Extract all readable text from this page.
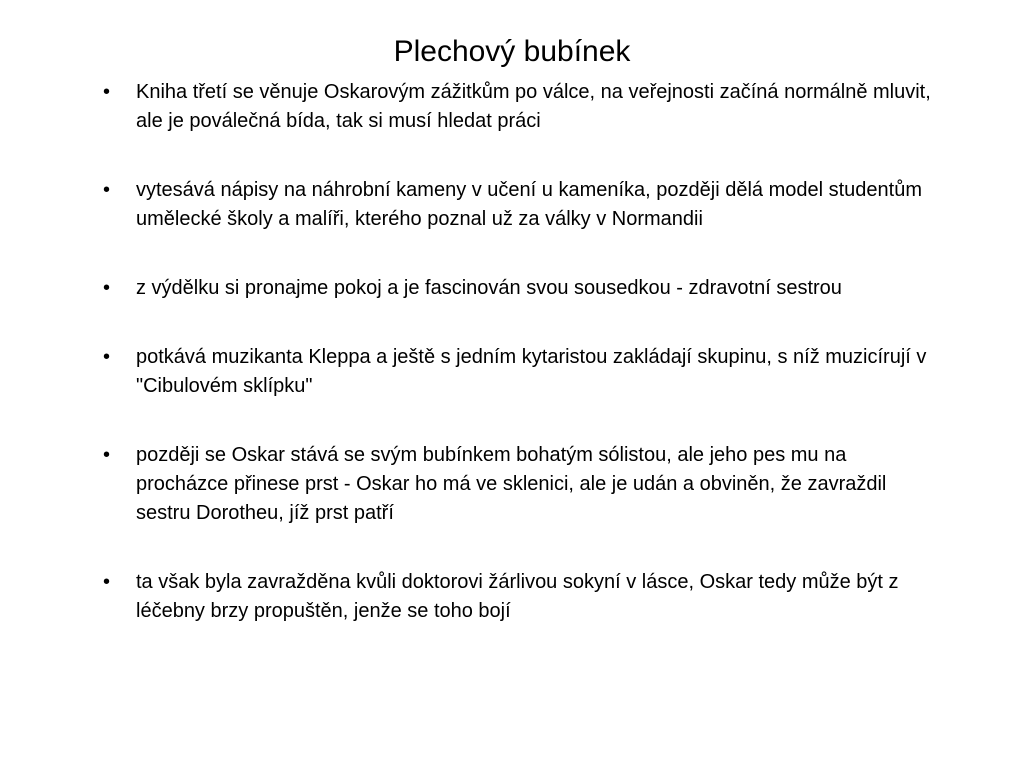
Plechový bubínek
•	Kniha třetí se věnuje Oskarovým zážitkům po válce, na veřejnosti začíná normálně mluvit, ale je poválečná bída, tak si musí hledat práci
•	vytesává nápisy na náhrobní kameny v učení u kameníka, později dělá model studentům umělecké školy a malíři, kterého poznal už za války v Normandii
•	z výdělku si pronajme pokoj a je fascinován svou sousedkou - zdravotní sestrou
•	potkává muzikanta Kleppa a ještě s jedním kytaristou zakládají skupinu, s níž muzicírují v "Cibulovém sklípku"
•	později se Oskar stává se svým bubínkem bohatým sólistou, ale jeho pes mu na procházce přinese prst - Oskar ho má ve sklenici, ale je udán a obviněn, že zavraždil sestru Dorotheu, jíž prst patří
•	ta však byla zavražděna kvůli doktorovi žárlivou sokyní v lásce, Oskar tedy může být z léčebny brzy propuštěn, jenže se toho bojí
